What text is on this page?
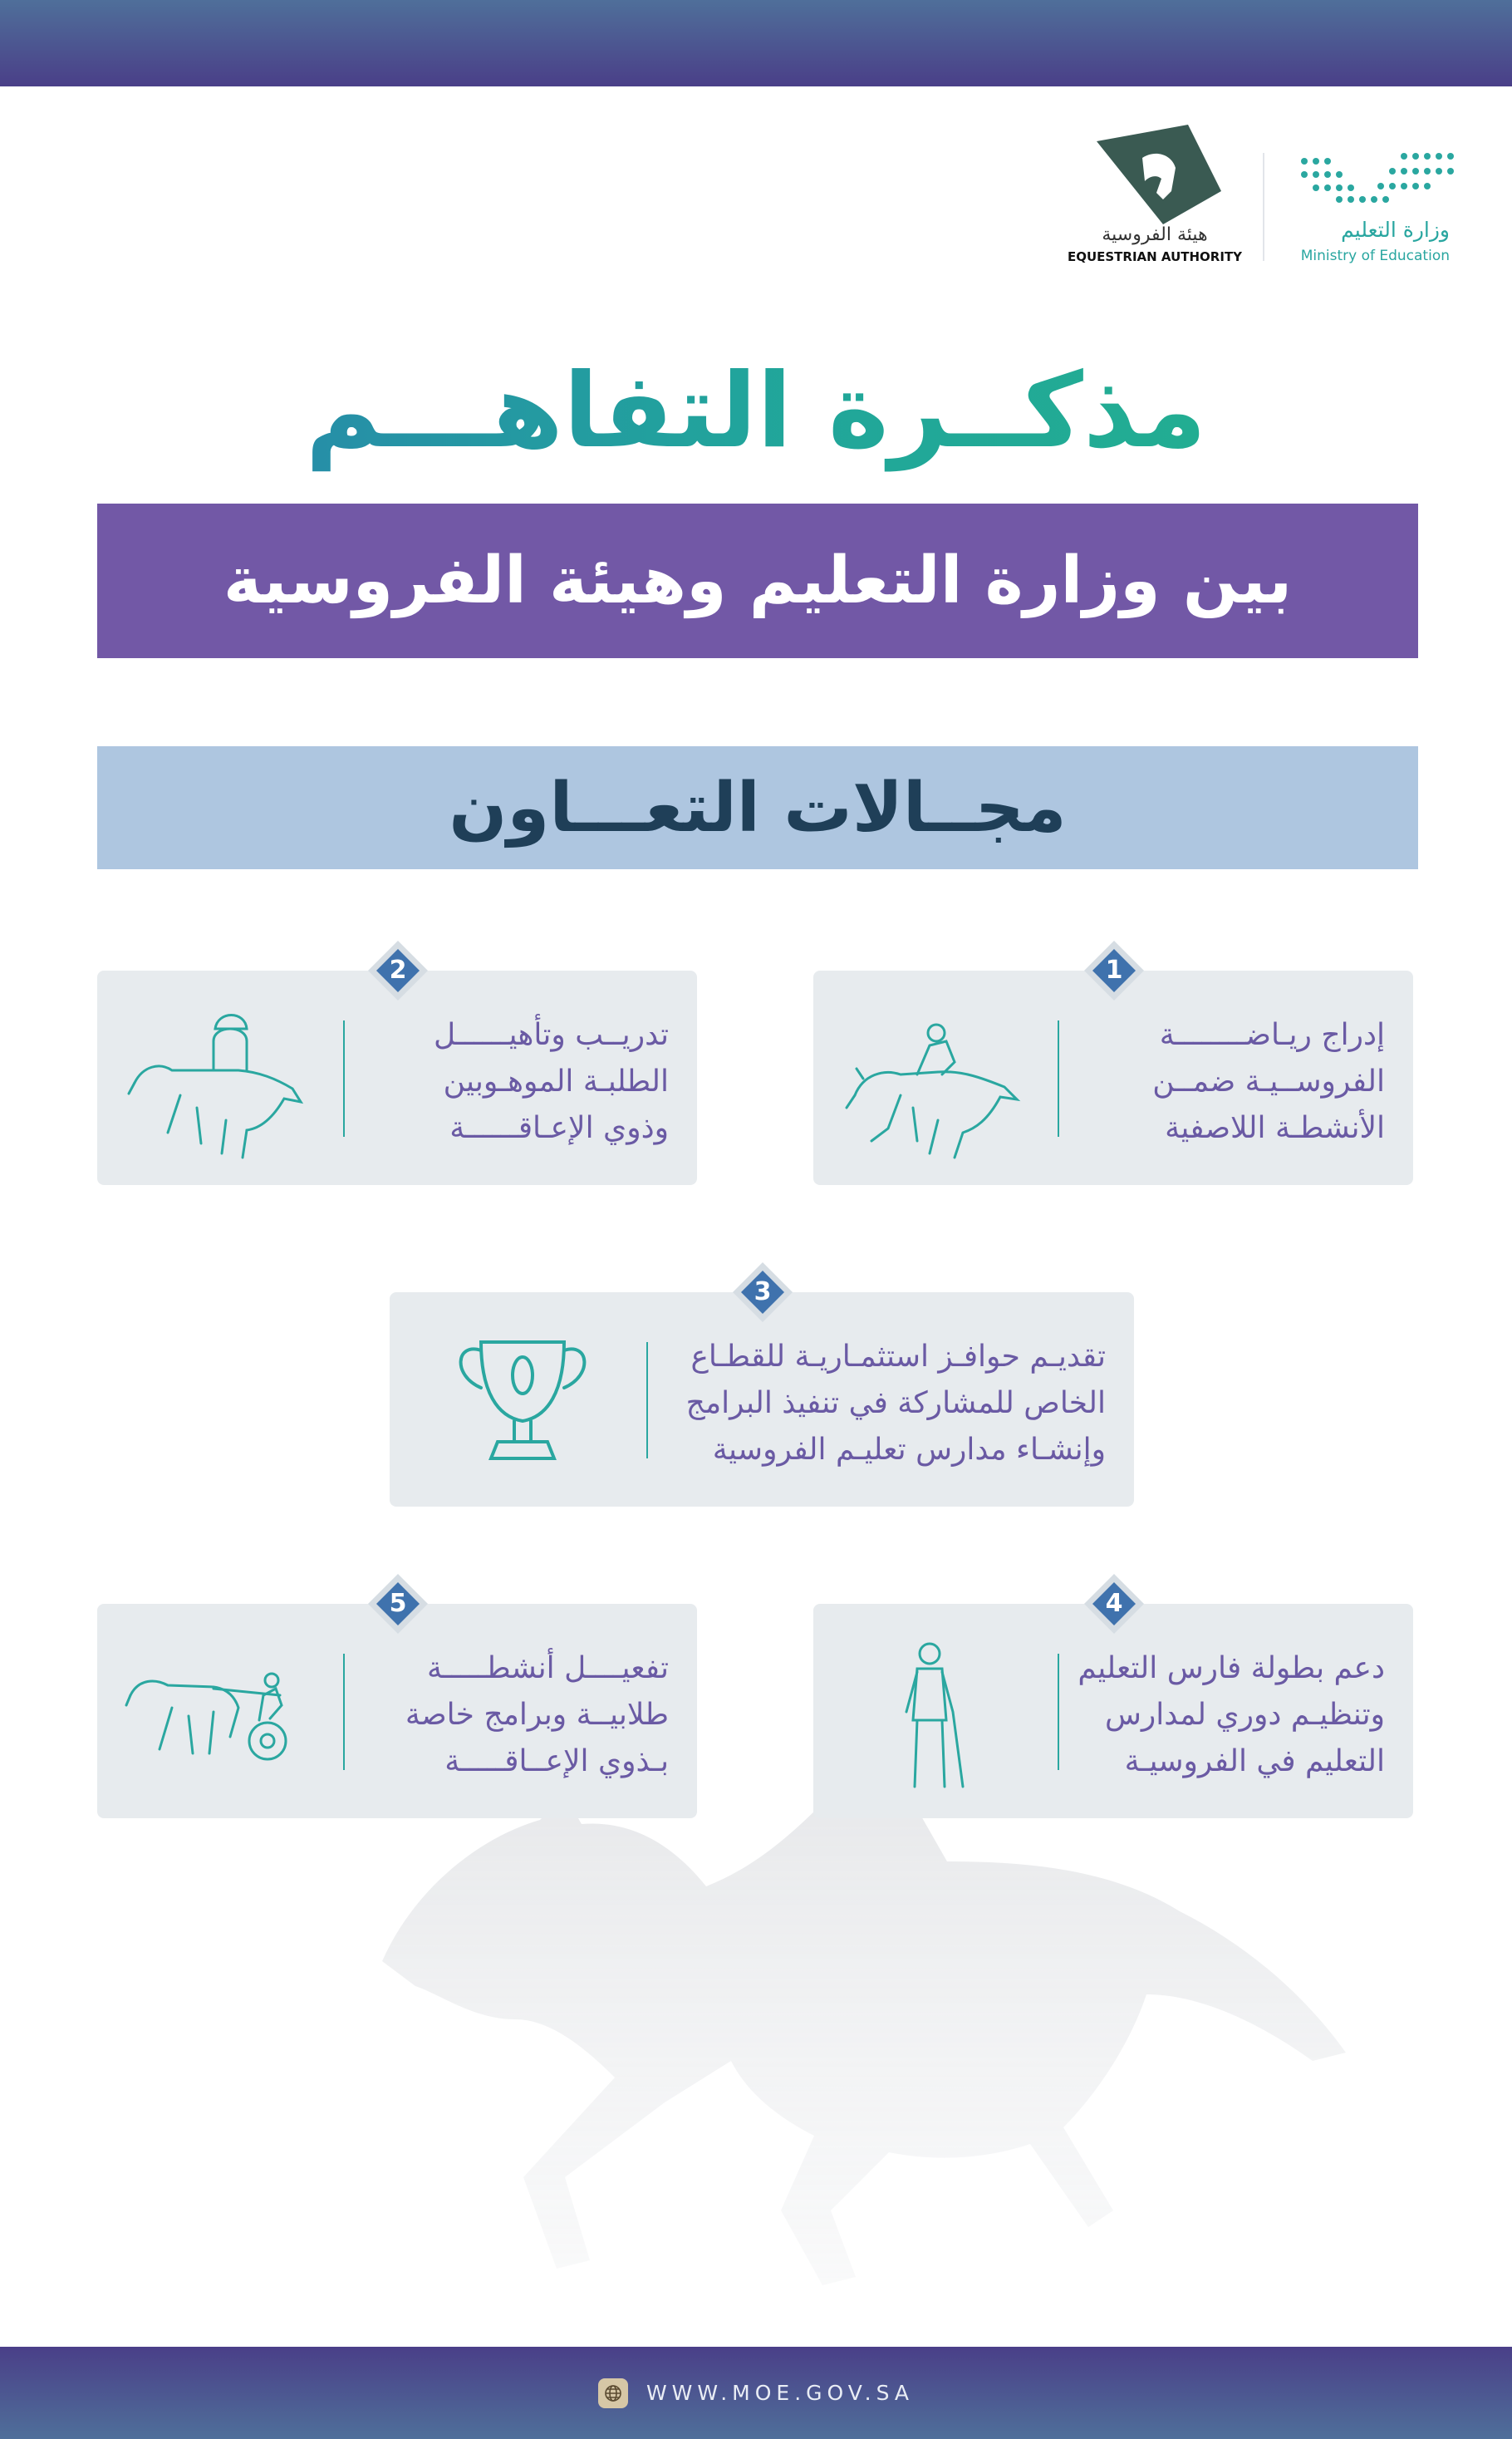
وزارة التعليم
Ministry of Education
هيئة الفروسية
EQUESTRIAN AUTHORITY
مذكــرة التفاهـــم
بين وزارة التعليم وهيئة الفروسية
مجــالات التعـــاون
إدراج ريـاضــــــــة
الفروســيـة ضمــن
الأنشطـة اللاصفية
1
تدريــب وتأهيــــــل
الطلبـة الموهـوبين
وذوي الإعـاقــــــة
2
تقديـم حوافـز استثمـاريـة للقطـاع
الخاص للمشاركة في تنفيذ البرامج
وإنشـاء مدارس تعليـم الفروسية
3
دعم بطولة فارس التعليم
وتنظيـم دوري لمدارس
التعليم في الفروسيـة
4
تفعيــــل أنشطـــــة
طلابيــة وبرامج خاصة
بـذوي الإعــاقـــــة
5
WWW.MOE.GOV.SA
